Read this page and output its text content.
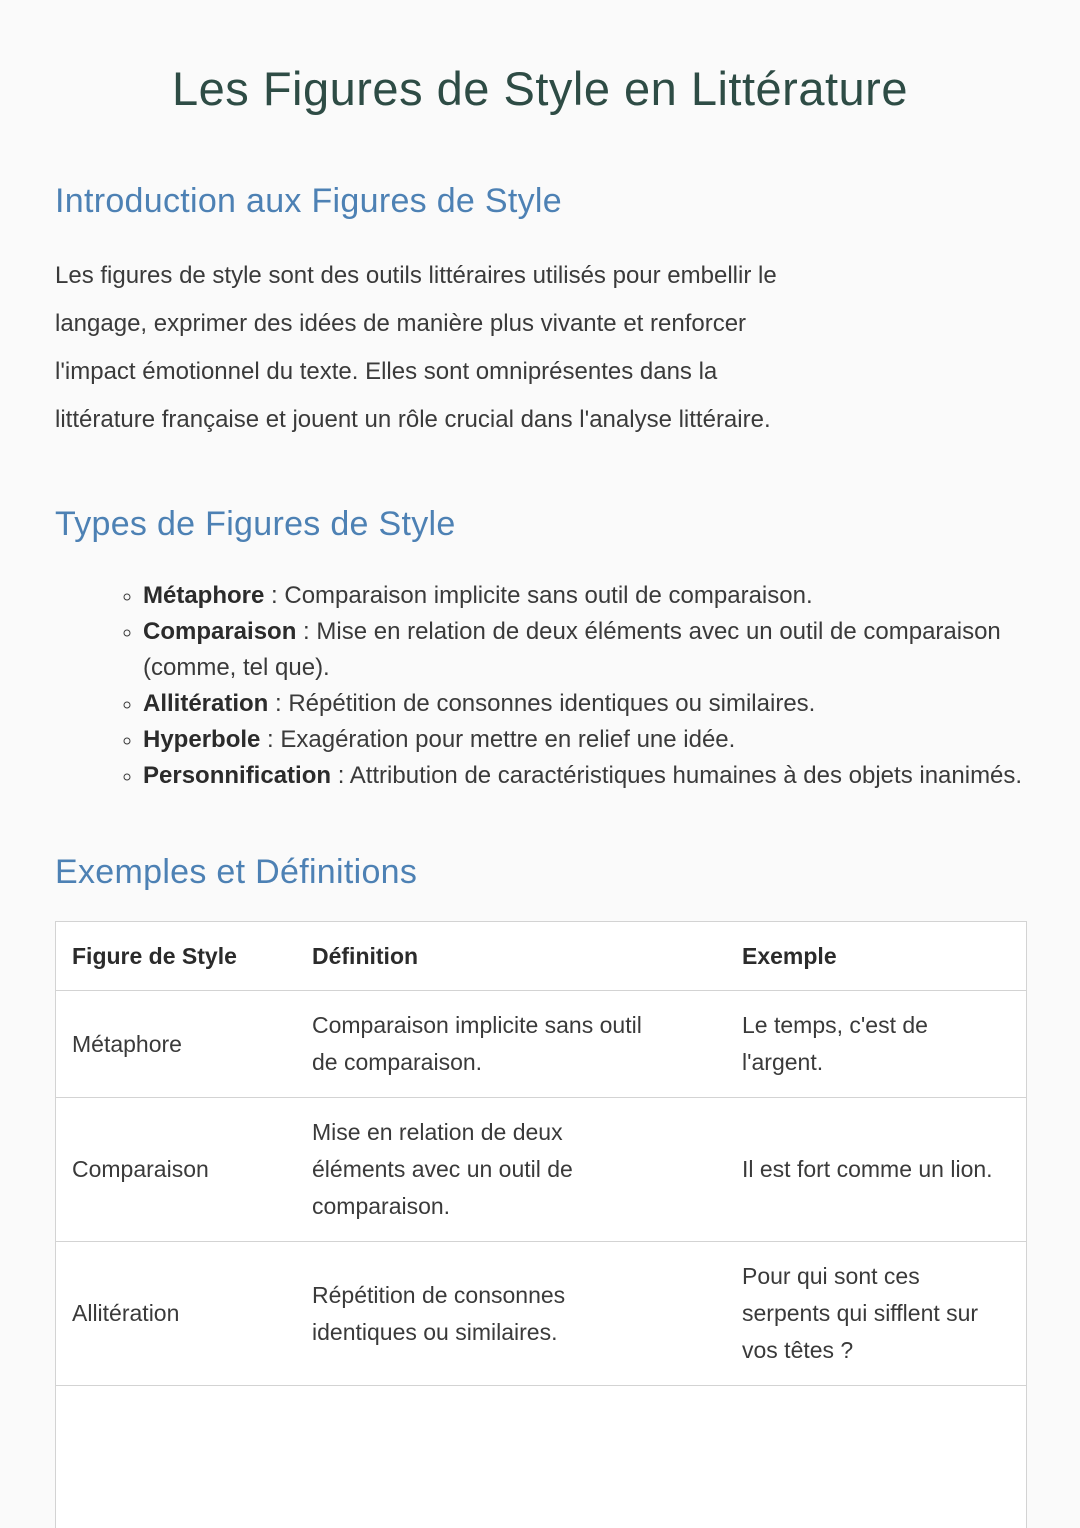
Les Figures de Style en Littérature
Introduction aux Figures de Style
Les figures de style sont des outils littéraires utilisés pour embellir le
langage, exprimer des idées de manière plus vivante et renforcer
l'impact émotionnel du texte. Elles sont omniprésentes dans la
littérature française et jouent un rôle crucial dans l'analyse littéraire.
Types de Figures de Style
◦ Métaphore : Comparaison implicite sans outil de comparaison.
◦ Comparaison : Mise en relation de deux éléments avec un outil de comparaison (comme, tel que).
◦ Allitération : Répétition de consonnes identiques ou similaires.
◦ Hyperbole : Exagération pour mettre en relief une idée.
◦ Personnification : Attribution de caractéristiques humaines à des objets inanimés.
Exemples et Définitions
Figure de Style	Définition	Exemple
Métaphore	Comparaison implicite sans outil de comparaison.	Le temps, c'est de l'argent.
Comparaison	Mise en relation de deux éléments avec un outil de comparaison.	Il est fort comme un lion.
Allitération	Répétition de consonnes identiques ou similaires.	Pour qui sont ces serpents qui sifflent sur vos têtes ?
